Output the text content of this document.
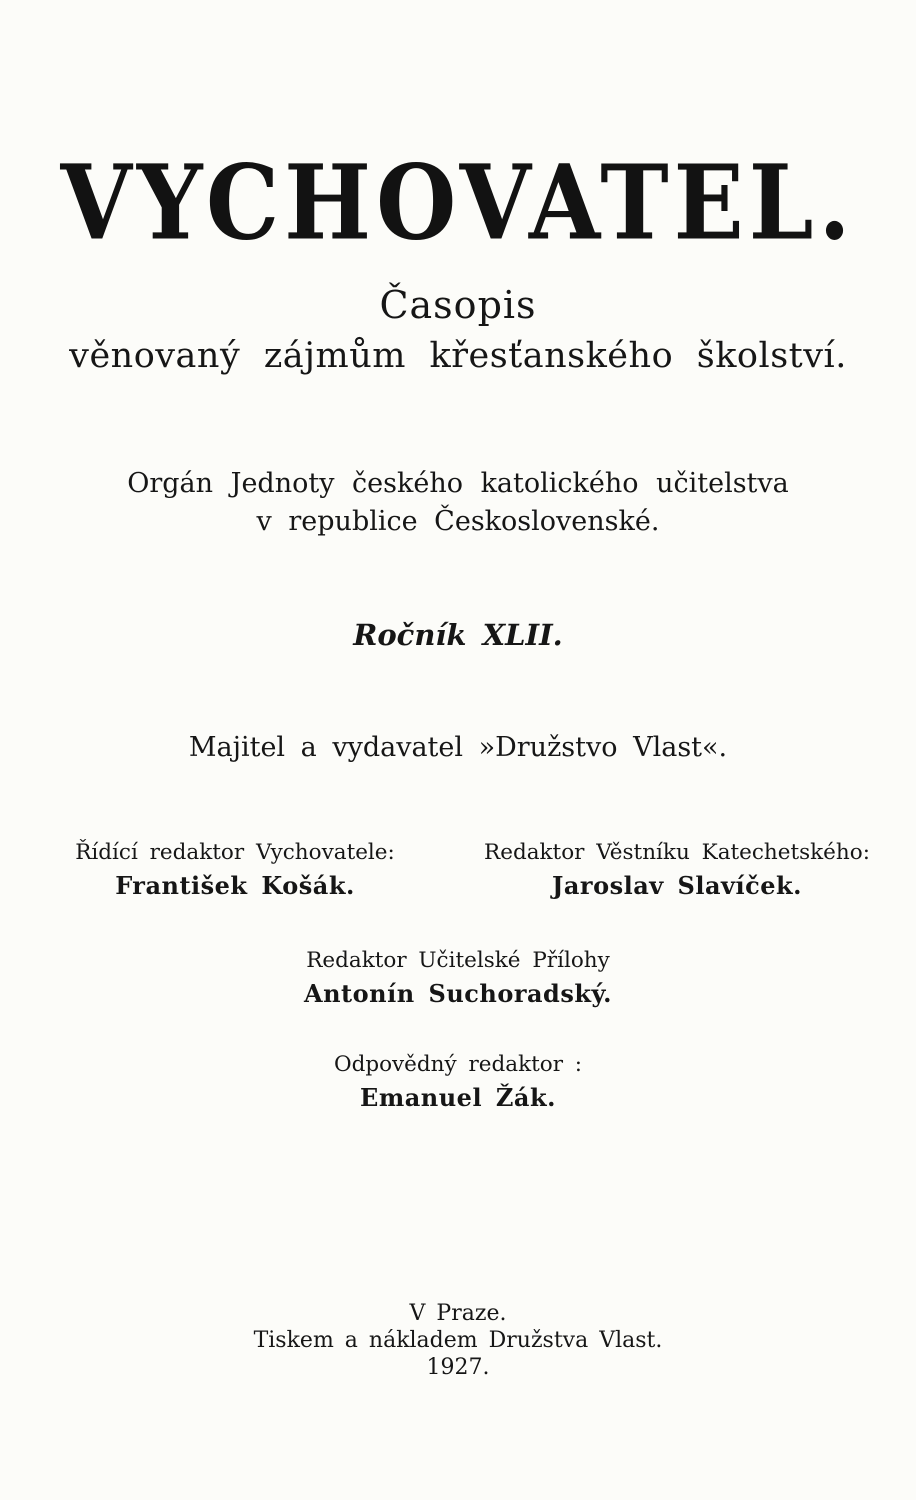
VYCHOVATEL.
Časopis
věnovaný zájmům křesťanského školství.
Orgán Jednoty českého katolického učitelstva
v republice Československé.
Ročník XLII.
Majitel a vydavatel »Družstvo Vlast«.
Řídící redaktor Vychovatele:
František Košák.
Redaktor Věstníku Katechetského:
Jaroslav Slavíček.
Redaktor Učitelské Přílohy
Antonín Suchoradský.
Odpovědný redaktor :
Emanuel Žák.
V Praze.
Tiskem a nákladem Družstva Vlast.
1927.
